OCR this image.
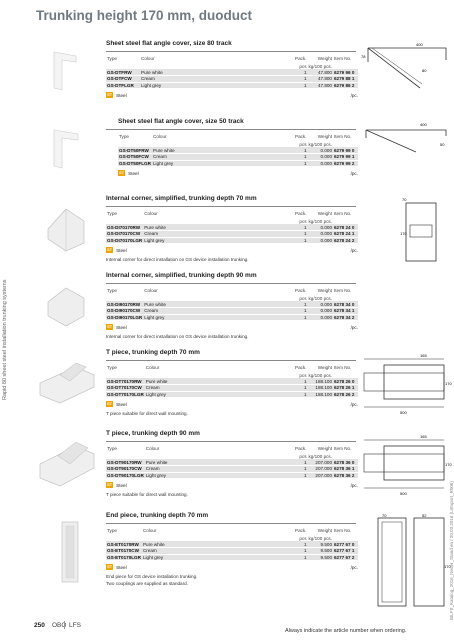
Trunking height 170 mm, duoduct
Rapid 80 sheet steel installation trunking systems
BILFS_Katalog_2016_Neuer_Stand en / 20.03.2016 (LrExport_R006)
Sheet steel flat angle cover, size 80 track
Type	Colour	Pack.	Weight	Item No.
		pcs	kg/100 pcs.	
GS-DTFRW	Pure white	1	47.800	6279 96 0
GS-DTFCW	Cream	1	47.800	6279 88 1
GS-DTFLGR	Light grey	1	47.800	6279 86 2
ST Steel	/pc.
400
78
80
Sheet steel flat angle cover, size 50 track
Type	Colour	Pack.	Weight	Item No.
		pcs	kg/100 pcs.	
GS-DT50FRW	Pure white	1	0.000	6279 99 0
GS-DT50FCW	Cream	1	0.000	6279 99 1
GS-DT50FLGR	Light grey	1	0.000	6279 99 2
ST Steel	/pc.
400
50
Internal corner, simplified, trunking depth 70 mm
Type	Colour	Pack.	Weight	Item No.
		pcs	kg/100 pcs.	
GS-DI70170RW	Pure white	1	0.000	6278 24 0
GS-DI70170CW	Cream	1	0.000	6278 24 1
GS-DI70170LGR	Light grey	1	0.000	6278 24 2
ST Steel	/pc.
Internal corner for direct installation on GS device installation trunking.
70
170
Internal corner, simplified, trunking depth 90 mm
Type	Colour	Pack.	Weight	Item No.
		pcs	kg/100 pcs.	
GS-DI90170RW	Pure white	1	0.000	6278 34 0
GS-DI90170CW	Cream	1	0.000	6278 34 1
GS-DI90170LGR	Light grey	1	0.000	6278 34 2
ST Steel	/pc.
Internal corner for direct installation on GS device installation trunking.
T piece, trunking depth 70 mm
Type	Colour	Pack.	Weight	Item No.
		pcs	kg/100 pcs.	
GS-DT70170RW	Pure white	1	188.100	6278 26 0
GS-DT70170CW	Cream	1	188.100	6278 26 1
GS-DT70170LGR	Light grey	1	188.100	6278 26 2
ST Steel	/pc.
T piece suitable for direct wall mounting.
165
170
500
T piece, trunking depth 90 mm
Type	Colour	Pack.	Weight	Item No.
		pcs	kg/100 pcs.	
GS-DT90170RW	Pure white	1	207.000	6278 36 0
GS-DT90170CW	Cream	1	207.000	6278 36 1
GS-DT90170LGR	Light grey	1	207.000	6278 36 2
ST Steel	/pc.
T piece suitable for direct wall mounting.
165
170
500
End piece, trunking depth 70 mm
Type	Colour	Pack.	Weight	Item No.
		pcs	kg/100 pcs.	
GS-ET0170RW	Pure white	1	9.500	6277 67 0
GS-ET0170CW	Cream	1	9.500	6277 67 1
GS-ET0170LGR	Light grey	1	9.500	6277 67 2
ST Steel	/pc.
End piece for GS device installation trunking.
Two couplings are supplied as standard.
70	52
170
250 OBO LFS
Always indicate the article number when ordering.
